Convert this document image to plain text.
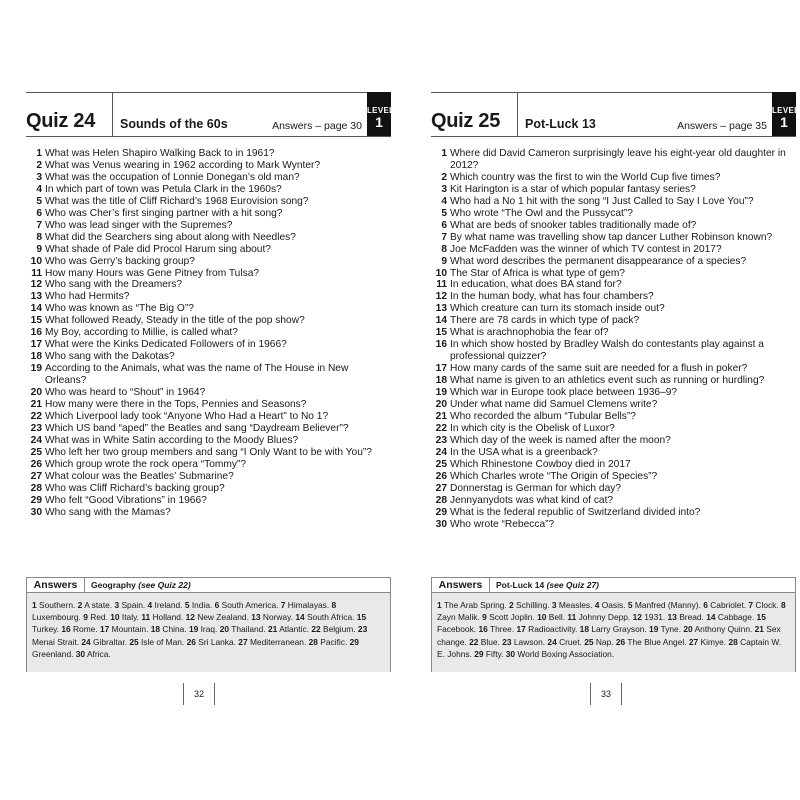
Quiz 24 Sounds of the 60s	Answers – page 30
LEVEL
1
1 What was Helen Shapiro Walking Back to in 1961?
2 What was Venus wearing in 1962 according to Mark Wynter?
3 What was the occupation of Lonnie Donegan’s old man?
4 In which part of town was Petula Clark in the 1960s?
5 What was the title of Cliff Richard’s 1968 Eurovision song?
6 Who was Cher’s first singing partner with a hit song?
7 Who was lead singer with the Supremes?
8 What did the Searchers sing about along with Needles?
9 What shade of Pale did Procol Harum sing about?
10 Who was Gerry’s backing group?
11 How many Hours was Gene Pitney from Tulsa?
12 Who sang with the Dreamers?
13 Who had Hermits?
14 Who was known as “The Big O”?
15 What followed Ready, Steady in the title of the pop show?
16 My Boy, according to Millie, is called what?
17 What were the Kinks Dedicated Followers of in 1966?
18 Who sang with the Dakotas?
19 According to the Animals, what was the name of The House in New Orleans?
20 Who was heard to “Shout” in 1964?
21 How many were there in the Tops, Pennies and Seasons?
22 Which Liverpool lady took “Anyone Who Had a Heart” to No 1?
23 Which US band “aped” the Beatles and sang “Daydream Believer”?
24 What was in White Satin according to the Moody Blues?
25 Who left her two group members and sang “I Only Want to be with You”?
26 Which group wrote the rock opera “Tommy”?
27 What colour was the Beatles’ Submarine?
28 Who was Cliff Richard’s backing group?
29 Who felt “Good Vibrations” in 1966?
30 Who sang with the Mamas?
Answers	Geography (see Quiz 22)
1 Southern. 2 A state. 3 Spain. 4 Ireland. 5 India. 6 South America. 7 Himalayas. 8 Luxembourg. 9 Red. 10 Italy. 11 Holland. 12 New Zealand. 13 Norway. 14 South Africa. 15 Turkey. 16 Rome. 17 Mountain. 18 China. 19 Iraq. 20 Thailand. 21 Atlantic. 22 Belgium. 23 Menai Strait. 24 Gibraltar. 25 Isle of Man. 26 Sri Lanka. 27 Mediterranean. 28 Pacific. 29 Greenland. 30 Africa.
32
Quiz 25 Pot-Luck 13	Answers – page 35
LEVEL
1
1 Where did David Cameron surprisingly leave his eight-year old daughter in 2012?
2 Which country was the first to win the World Cup five times?
3 Kit Harington is a star of which popular fantasy series?
4 Who had a No 1 hit with the song “I Just Called to Say I Love You”?
5 Who wrote “The Owl and the Pussycat”?
6 What are beds of snooker tables traditionally made of?
7 By what name was travelling show tap dancer Luther Robinson known?
8 Joe McFadden was the winner of which TV contest in 2017?
9 What word describes the permanent disappearance of a species?
10 The Star of Africa is what type of gem?
11 In education, what does BA stand for?
12 In the human body, what has four chambers?
13 Which creature can turn its stomach inside out?
14 There are 78 cards in which type of pack?
15 What is arachnophobia the fear of?
16 In which show hosted by Bradley Walsh do contestants play against a professional quizzer?
17 How many cards of the same suit are needed for a flush in poker?
18 What name is given to an athletics event such as running or hurdling?
19 Which war in Europe took place between 1936–9?
20 Under what name did Samuel Clemens write?
21 Who recorded the album “Tubular Bells”?
22 In which city is the Obelisk of Luxor?
23 Which day of the week is named after the moon?
24 In the USA what is a greenback?
25 Which Rhinestone Cowboy died in 2017
26 Which Charles wrote “The Origin of Species”?
27 Donnerstag is German for which day?
28 Jennyanydots was what kind of cat?
29 What is the federal republic of Switzerland divided into?
30 Who wrote “Rebecca”?
Answers	Pot-Luck 14 (see Quiz 27)
1 The Arab Spring. 2 Schilling. 3 Measles. 4 Oasis. 5 Manfred (Manny). 6 Cabriolet. 7 Clock. 8 Zayn Malik. 9 Scott Joplin. 10 Bell. 11 Johnny Depp. 12 1931. 13 Bread. 14 Cabbage. 15 Facebook. 16 Three. 17 Radioactivity. 18 Larry Grayson. 19 Tyne. 20 Anthony Quinn. 21 Sex change. 22 Blue. 23 Lawson. 24 Cruet. 25 Nap. 26 The Blue Angel. 27 Kimye. 28 Captain W. E. Johns. 29 Fifty. 30 World Boxing Association.
33
